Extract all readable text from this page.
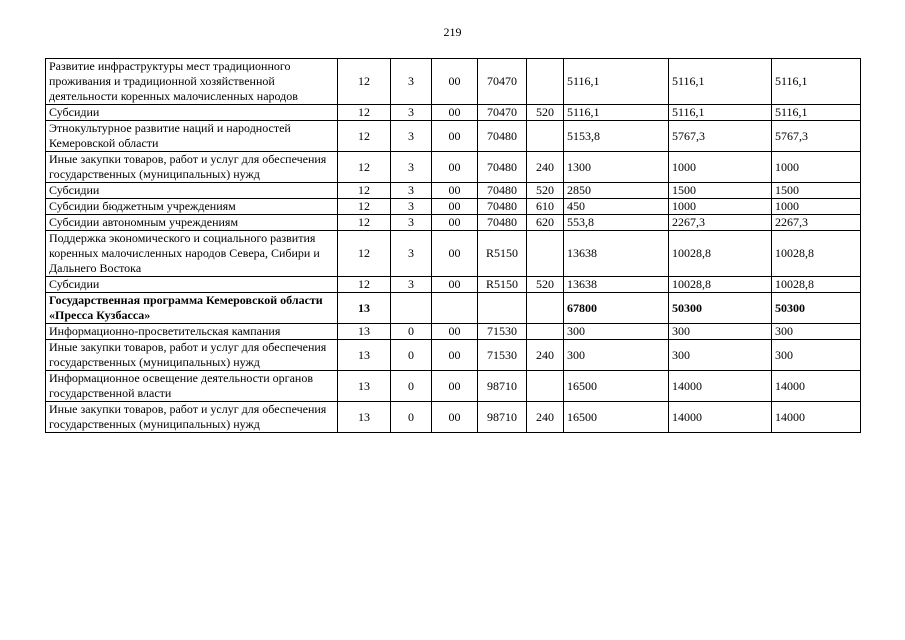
219
Развитие инфраструктуры мест традиционного проживания и традиционной хозяйственной деятельности коренных малочисленных народов	12	3	00	70470		5116,1	5116,1	5116,1
Субсидии	12	3	00	70470	520	5116,1	5116,1	5116,1
Этнокультурное развитие наций и народностей Кемеровской области	12	3	00	70480		5153,8	5767,3	5767,3
Иные закупки товаров, работ и услуг для обеспечения государственных (муниципальных) нужд	12	3	00	70480	240	1300	1000	1000
Субсидии	12	3	00	70480	520	2850	1500	1500
Субсидии бюджетным учреждениям	12	3	00	70480	610	450	1000	1000
Субсидии автономным учреждениям	12	3	00	70480	620	553,8	2267,3	2267,3
Поддержка экономического и социального развития коренных малочисленных народов Севера, Сибири и Дальнего Востока	12	3	00	R5150		13638	10028,8	10028,8
Субсидии	12	3	00	R5150	520	13638	10028,8	10028,8
Государственная программа Кемеровской области «Пресса Кузбасса»	13					67800	50300	50300
Информационно-просветительская кампания	13	0	00	71530		300	300	300
Иные закупки товаров, работ и услуг для обеспечения государственных (муниципальных) нужд	13	0	00	71530	240	300	300	300
Информационное освещение деятельности органов государственной власти	13	0	00	98710		16500	14000	14000
Иные закупки товаров, работ и услуг для обеспечения государственных (муниципальных) нужд	13	0	00	98710	240	16500	14000	14000
